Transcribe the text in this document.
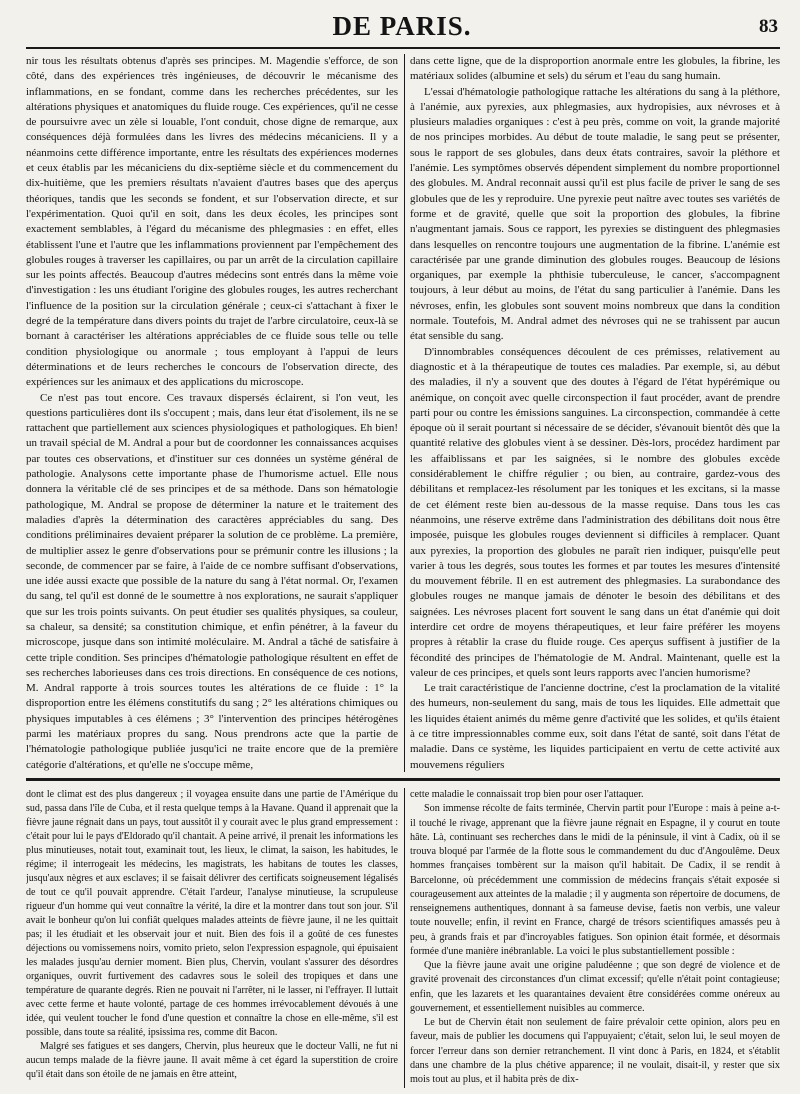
DE PARIS.	83

nir tous les résultats obtenus d'après ses principes. M. Magendie s'efforce, de son côté, dans des expériences très ingénieuses, de découvrir le mécanisme des inflammations, en se fondant, comme dans les recherches précédentes, sur les altérations physiques et anatomiques du fluide rouge. Ces expériences, qu'il ne cesse de poursuivre avec un zèle si louable, l'ont conduit, chose digne de remarque, aux conséquences déjà formulées dans les livres des médecins mécaniciens. Il y a néanmoins cette différence importante, entre les résultats des expériences modernes et ceux établis par les mécaniciens du dix-septième siècle et du commencement du dix-huitième, que les premiers résultats n'avaient d'autres bases que des aperçus théoriques, tandis que les seconds se fondent, et sur l'observation directe, et sur l'expérimentation. Quoi qu'il en soit, dans les deux écoles, les principes sont exactement semblables, à l'égard du mécanisme des phlegmasies : en effet, elles établissent l'une et l'autre que les inflammations proviennent par l'empêchement des globules rouges à traverser les capillaires, ou par un arrêt de la circulation capillaire sur les points affectés. Beaucoup d'autres médecins sont entrés dans la même voie d'investigation : les uns étudiant l'origine des globules rouges, les autres recherchant l'influence de la position sur la circulation générale ; ceux-ci s'attachant à fixer le degré de la température dans divers points du trajet de l'arbre circulatoire, ceux-là se bornant à caractériser les altérations appréciables de ce fluide sous telle ou telle condition physiologique ou anormale ; tous employant à l'appui de leurs déterminations et de leurs recherches le concours de l'observation directe, des expériences sur les animaux et des applications du microscope.

Ce n'est pas tout encore. Ces travaux dispersés éclairent, si l'on veut, les questions particulières dont ils s'occupent ; mais, dans leur état d'isolement, ils ne se rattachent que partiellement aux sciences physiologiques et pathologiques. Eh bien! un travail spécial de M. Andral a pour but de coordonner les connaissances acquises par toutes ces observations, et d'instituer sur ces données un système général de pathologie. Analysons cette importante phase de l'humorisme actuel. Elle nous donnera la véritable clé de ses principes et de sa méthode. Dans son hématologie pathologique, M. Andral se propose de déterminer la nature et le traitement des maladies d'après la détermination des caractères appréciables du sang. Des conditions préliminaires devaient préparer la solution de ce problème. La première, de multiplier assez le genre d'observations pour se prémunir contre les illusions ; la seconde, de commencer par se faire, à l'aide de ce nombre suffisant d'observations, une idée aussi exacte que possible de la nature du sang à l'état normal. Or, l'examen du sang, tel qu'il est donné de le soumettre à nos explorations, ne saurait s'appliquer que sur les trois points suivants. On peut étudier ses qualités physiques, sa couleur, sa chaleur, sa densité; sa constitution chimique, et enfin pénétrer, à la faveur du microscope, jusque dans son intimité moléculaire. M. Andral a tâché de satisfaire à cette triple condition. Ses principes d'hématologie pathologique résultent en effet de ses recherches laborieuses dans ces trois directions. En conséquence de ces notions, M. Andral rapporte à trois sources toutes les altérations de ce fluide : 1° la disproportion entre les élémens constitutifs du sang ; 2° les altérations chimiques ou physiques imputables à ces élémens ; 3° l'intervention des principes hétérogènes parmi les matériaux propres du sang. Nous prendrons acte que la partie de l'hématologie pathologique publiée jusqu'ici ne traite encore que de la première catégorie d'altérations, et qu'elle ne s'occupe même,

dans cette ligne, que de la disproportion anormale entre les globules, la fibrine, les matériaux solides (albumine et sels) du sérum et l'eau du sang humain.

L'essai d'hématologie pathologique rattache les altérations du sang à la pléthore, à l'anémie, aux pyrexies, aux phlegmasies, aux hydropisies, aux névroses et à plusieurs maladies organiques : c'est à peu près, comme on voit, la grande majorité de nos principes morbides. Au début de toute maladie, le sang peut se présenter, sous le rapport de ses globules, dans deux états contraires, savoir la pléthore et l'anémie. Les symptômes observés dépendent simplement du nombre proportionnel des globules. M. Andral reconnait aussi qu'il est plus facile de priver le sang de ses globules que de les y reproduire. Une pyrexie peut naître avec toutes ses variétés de forme et de gravité, quelle que soit la proportion des globules, la fibrine n'augmentant jamais. Sous ce rapport, les pyrexies se distinguent des phlegmasies dans lesquelles on rencontre toujours une augmentation de la fibrine. L'anémie est caractérisée par une grande diminution des globules rouges. Beaucoup de lésions organiques, par exemple la phthisie tuberculeuse, le cancer, s'accompagnent toujours, à leur début au moins, de l'état du sang particulier à l'anémie. Dans les névroses, enfin, les globules sont souvent moins nombreux que dans la condition normale. Toutefois, M. Andral admet des névroses qui ne se trahissent par aucun état sensible du sang.

D'innombrables conséquences découlent de ces prémisses, relativement au diagnostic et à la thérapeutique de toutes ces maladies. Par exemple, si, au début des maladies, il n'y a souvent que des doutes à l'égard de l'état hypérémique ou anémique, on conçoit avec quelle circonspection il faut procéder, avant de prendre parti pour ou contre les émissions sanguines. La circonspection, commandée à cette époque où il serait pourtant si nécessaire de se décider, s'évanouit bientôt dès que la quantité relative des globules vient à se dessiner. Dès-lors, procédez hardiment par les affaiblissans et par les saignées, si le nombre des globules excède considérablement le chiffre régulier ; ou bien, au contraire, gardez-vous des débilitans et remplacez-les résolument par les toniques et les excitans, si la masse de cet élément reste bien au-dessous de la masse requise. Dans tous les cas néanmoins, une réserve extrême dans l'administration des débilitans doit nous être imposée, puisque les globules rouges deviennent si difficiles à remplacer. Quant aux pyrexies, la proportion des globules ne paraît rien indiquer, puisqu'elle peut varier à tous les degrés, sous toutes les formes et par toutes les mesures d'intensité du mouvement fébrile. Il en est autrement des phlegmasies. La surabondance des globules rouges ne manque jamais de dénoter le besoin des débilitans et des saignées. Les névroses placent fort souvent le sang dans un état d'anémie qui doit interdire cet ordre de moyens thérapeutiques, et leur faire préférer les moyens propres à rétablir la crase du fluide rouge. Ces aperçus suffisent à justifier de la fécondité des principes de l'hématologie de M. Andral. Maintenant, quelle est la valeur de ces principes, et quels sont leurs rapports avec l'ancien humorisme?

Le trait caractéristique de l'ancienne doctrine, c'est la proclamation de la vitalité des humeurs, non-seulement du sang, mais de tous les liquides. Elle admettait que les liquides étaient animés du même genre d'activité que les solides, et qu'ils étaient à ce titre impressionnables comme eux, soit dans l'état de santé, soit dans l'état de maladie. Dans ce système, les liquides participaient en vertu de cette activité aux mouvemens réguliers

dont le climat est des plus dangereux ; il voyagea ensuite dans une partie de l'Amérique du sud, passa dans l'île de Cuba, et il resta quelque temps à la Havane. Quand il apprenait que la fièvre jaune régnait dans un pays, tout aussitôt il y courait avec le plus grand empressement : c'était pour lui le pays d'Eldorado qu'il chantait. A peine arrivé, il prenait les informations les plus minutieuses, notait tout, examinait tout, les lieux, le climat, la saison, les habitudes, le régime; il interrogeait les médecins, les magistrats, les habitans de toutes les classes, jusqu'aux nègres et aux esclaves; il se faisait délivrer des certificats soigneusement légalisés de tout ce qu'il pouvait apprendre. C'était l'ardeur, l'analyse minutieuse, la scrupuleuse rigueur d'un homme qui veut connaître la vérité, la dire et la montrer dans tout son jour. S'il avait le bonheur qu'on lui confiât quelques malades atteints de fièvre jaune, il ne les quittait pas; il les étudiait et les observait jour et nuit. Bien des fois il a goûté de ces funestes déjections ou vomissemens noirs, vomito prieto, selon l'expression espagnole, qui épuisaient les malades jusqu'au dernier moment. Bien plus, Chervin, voulant s'assurer des désordres organiques, ouvrit furtivement des cadavres sous le soleil des tropiques et dans une température de quarante degrés. Rien ne pouvait ni l'arrêter, ni le lasser, ni l'effrayer. Il luttait avec cette ferme et haute volonté, partage de ces hommes irrévocablement dévoués à une idée, qui veulent toucher le fond d'une question et connaître la chose en elle-même, s'il est possible, dans toute sa réalité, ipsissima res, comme dit Bacon.

Malgré ses fatigues et ses dangers, Chervin, plus heureux que le docteur Valli, ne fut ni aucun temps malade de la fièvre jaune. Il avait même à cet égard la superstition de croire qu'il était dans son étoile de ne jamais en être atteint,

cette maladie le connaissait trop bien pour oser l'attaquer.

Son immense récolte de faits terminée, Chervin partit pour l'Europe : mais à peine a-t-il touché le rivage, apprenant que la fièvre jaune régnait en Espagne, il y courut en toute hâte. Là, continuant ses recherches dans le midi de la péninsule, il vint à Cadix, où il se trouva bloqué par l'armée de la flotte sous le commandement du duc d'Angoulême. Deux hommes françaises tombèrent sur la maison qu'il habitait. De Cadix, il se rendit à Barcelonne, où précédemment une commission de médecins français s'était exposée si courageusement aux atteintes de la maladie ; il y augmenta son répertoire de documens, de renseignemens authentiques, donnant à sa fameuse devise, faetis non verbis, une valeur toute nouvelle; enfin, il revint en France, chargé de trésors scientifiques amassés peu à peu, à grands frais et par d'incroyables fatigues. Son opinion était formée, et désormais formée d'une manière inébranlable. La voici le plus substantiellement possible :

Que la fièvre jaune avait une origine paludéenne ; que son degré de violence et de gravité provenait des circonstances d'un climat excessif; qu'elle n'était point contagieuse; enfin, que les lazarets et les quarantaines devaient être considérées comme onéreux au gouvernement, et essentiellement nuisibles au commerce.

Le but de Chervin était non seulement de faire prévaloir cette opinion, alors peu en faveur, mais de publier les documens qui l'appuyaient; c'était, selon lui, le seul moyen de forcer l'erreur dans son dernier retranchement. Il vint donc à Paris, en 1824, et s'établit dans une chambre de la plus chétive apparence; il ne voulait, disait-il, y rester que six mois tout au plus, et il habita près de dix-
